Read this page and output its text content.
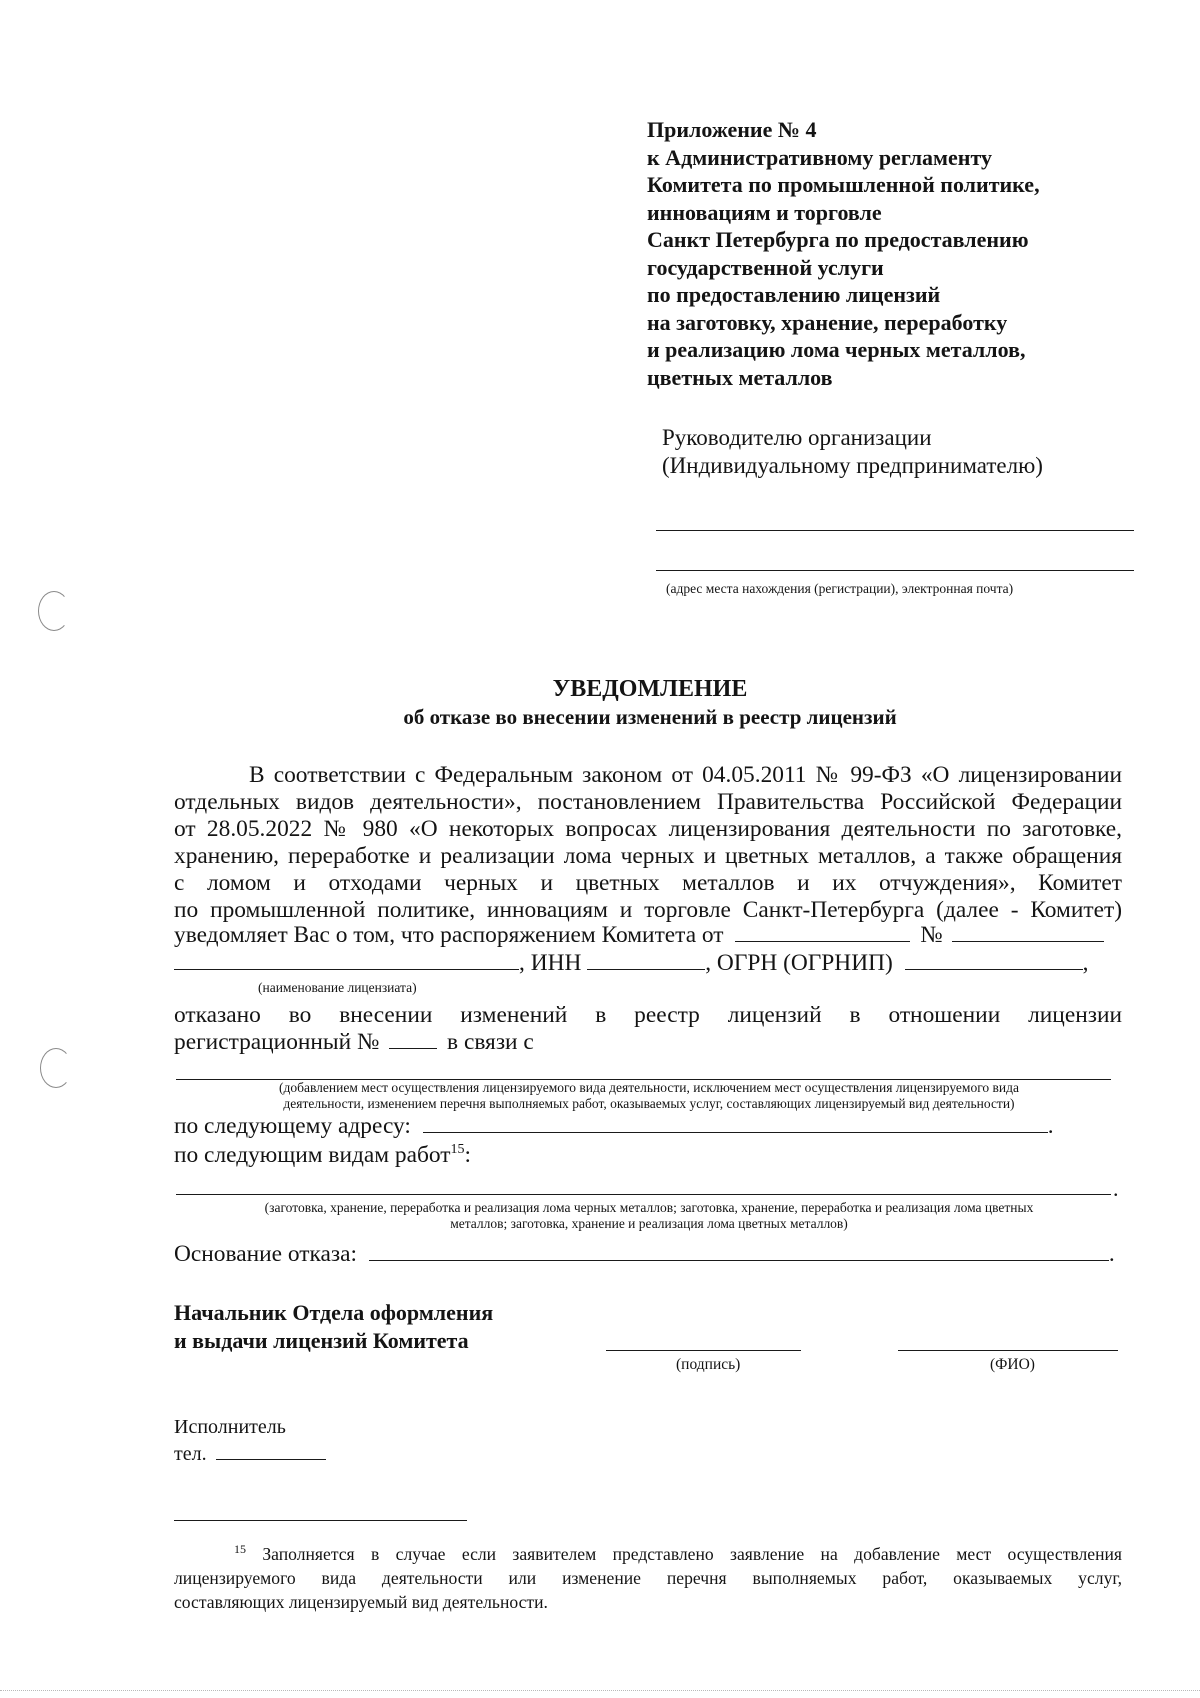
Приложение № 4
к Административному регламенту
Комитета по промышленной политике,
инновациям и торговле
Санкт Петербурга по предоставлению
государственной услуги
по предоставлению лицензий
на заготовку, хранение, переработку
и реализацию лома черных металлов,
цветных металлов
Руководителю организации
(Индивидуальному предпринимателю)
(адрес места нахождения (регистрации), электронная почта)
УВЕДОМЛЕНИЕ
об отказе во внесении изменений в реестр лицензий
В соответствии с Федеральным законом от 04.05.2011 № 99-ФЗ «О лицензировании
отдельных видов деятельности», постановлением Правительства Российской Федерации
от 28.05.2022 № 980 «О некоторых вопросах лицензирования деятельности по заготовке,
хранению, переработке и реализации лома черных и цветных металлов, а также обращения
с ломом и отходами черных и цветных металлов и их отчуждения», Комитет
по промышленной политике, инновациям и торговле Санкт-Петербурга (далее - Комитет)
уведомляет Вас о том, что распоряжением Комитета от	№
, ИНН	, ОГРН (ОГРНИП)	,
(наименование лицензиата)
отказано во внесении изменений в реестр лицензий в отношении лицензии
регистрационный №	в связи с
(добавлением мест осуществления лицензируемого вида деятельности, исключением мест осуществления лицензируемого вида
деятельности, изменением перечня выполняемых работ, оказываемых услуг, составляющих лицензируемый вид деятельности)
по следующему адресу:	.
по следующим видам работ$^{15}$:
.
(заготовка, хранение, переработка и реализация лома черных металлов; заготовка, хранение, переработка и реализация лома цветных
металлов; заготовка, хранение и реализация лома цветных металлов)
Основание отказа:	.
Начальник Отдела оформления
и выдачи лицензий Комитета
(подпись)	(ФИО)
Исполнитель
тел.
$^{15}$ Заполняется в случае если заявителем представлено заявление на добавление мест осуществления
лицензируемого вида деятельности или изменение перечня выполняемых работ, оказываемых услуг,
составляющих лицензируемый вид деятельности.
